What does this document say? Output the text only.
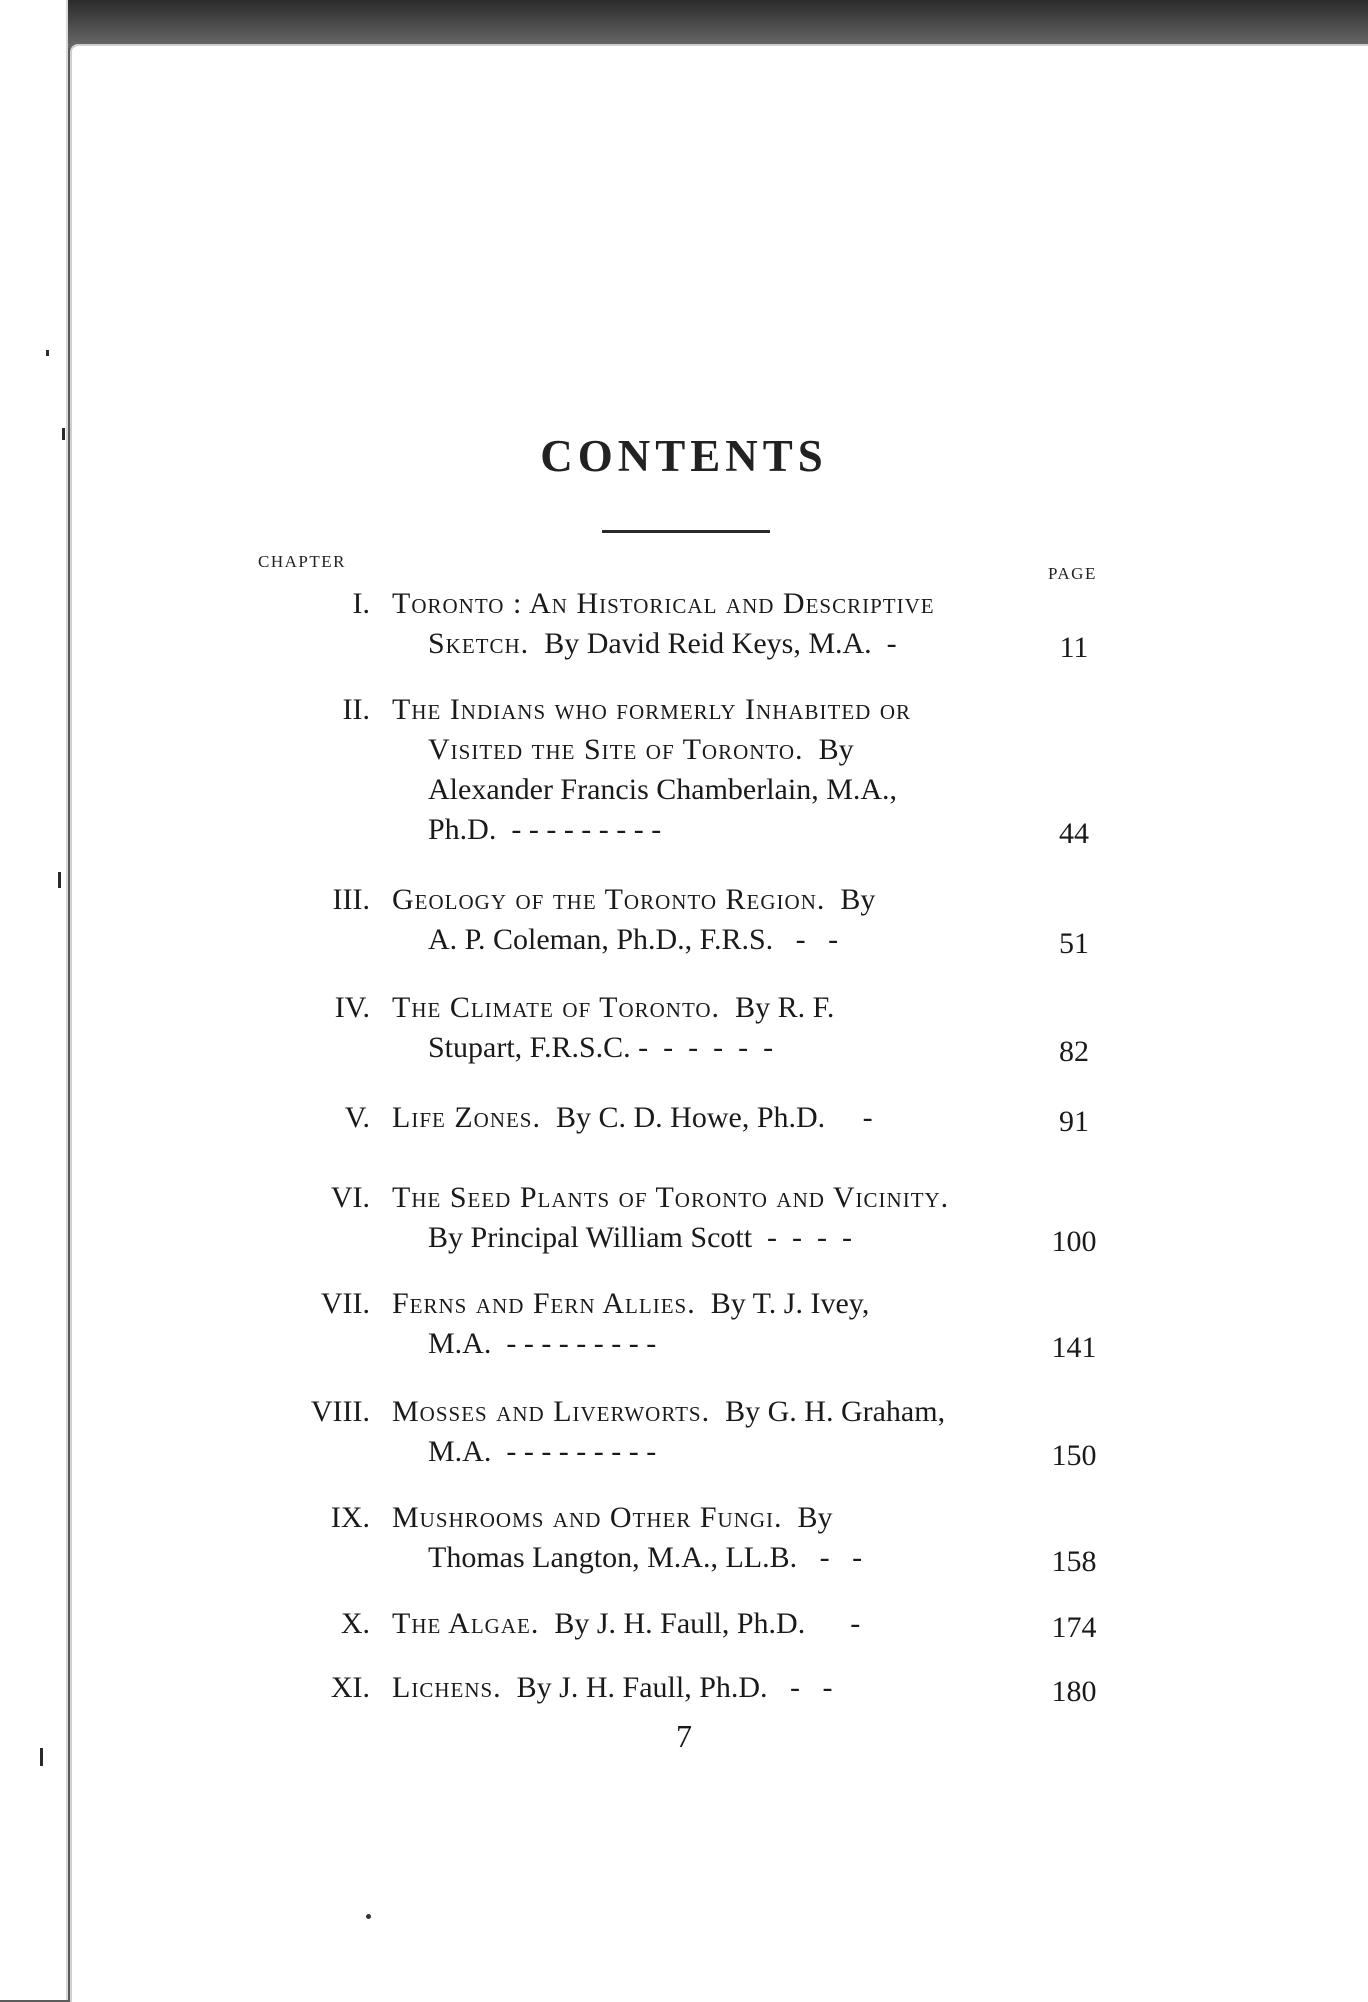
CONTENTS
CHAPTER
PAGE
I. Toronto : An Historical and Descriptive
Sketch.  By David Reid Keys, M.A.  -	11
II. The Indians who formerly Inhabited or
Visited the Site of Toronto.  By
Alexander Francis Chamberlain, M.A.,
Ph.D.  - - - - - - - - -	44
III. Geology of the Toronto Region.  By
A. P. Coleman, Ph.D., F.R.S.   -   -	51
IV. The Climate of Toronto.  By R. F.
Stupart, F.R.S.C. -  -  -  -  -  -	82
V. Life Zones.  By C. D. Howe, Ph.D.     -	91
VI. The Seed Plants of Toronto and Vicinity.
By Principal William Scott  -  -  -  -	100
VII. Ferns and Fern Allies.  By T. J. Ivey,
M.A.  - - - - - - - - -	141
VIII. Mosses and Liverworts.  By G. H. Graham,
M.A.  - - - - - - - - -	150
IX. Mushrooms and Other Fungi.  By
Thomas Langton, M.A., LL.B.   -   -	158
X. The Algae.  By J. H. Faull, Ph.D.      -	174
XI. Lichens.  By J. H. Faull, Ph.D.   -   -	180
7
